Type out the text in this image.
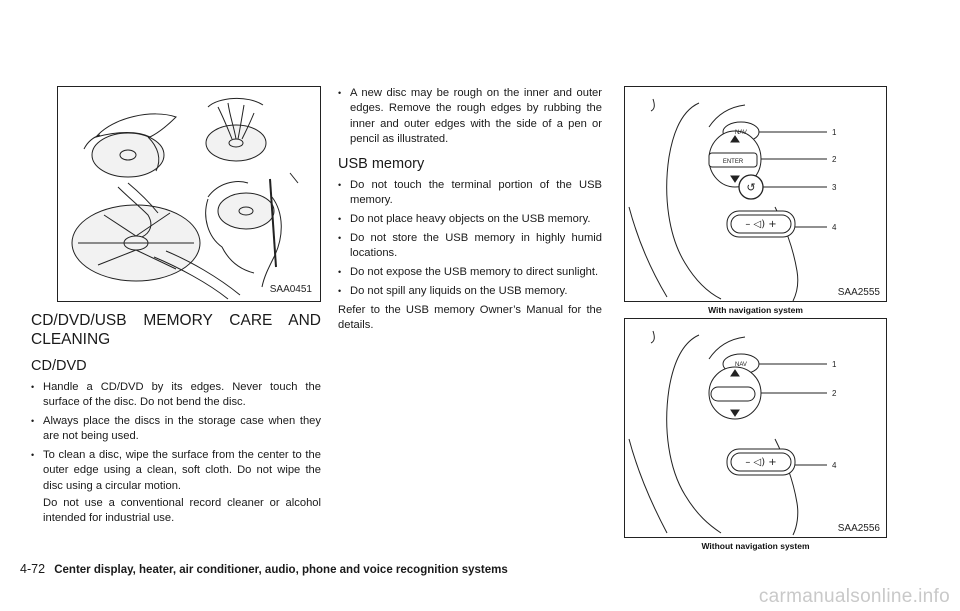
SAA0451
CD/DVD/USB MEMORY CARE AND CLEANING
CD/DVD
• Handle a CD/DVD by its edges. Never touch the surface of the disc. Do not bend the disc.
• Always place the discs in the storage case when they are not being used.
• To clean a disc, wipe the surface from the center to the outer edge using a clean, soft cloth. Do not wipe the disc using a circular motion.

Do not use a conventional record cleaner or alcohol intended for industrial use.

• A new disc may be rough on the inner and outer edges. Remove the rough edges by rubbing the inner and outer edges with the side of a pen or pencil as illustrated.
USB memory
• Do not touch the terminal portion of the USB memory.
• Do not place heavy objects on the USB memory.
• Do not store the USB memory in highly humid locations.
• Do not expose the USB memory to direct sunlight.
• Do not spill any liquids on the USB memory.

Refer to the USB memory Owner’s Manual for the details.

NAV
ENTER
↺
– ◁) +
1
2
3
4
SAA2555
With navigation system
NAV
– ◁) +
1
2
4
SAA2556
Without navigation system
4-72 Center display, heater, air conditioner, audio, phone and voice recognition systems
carmanualsonline.info
